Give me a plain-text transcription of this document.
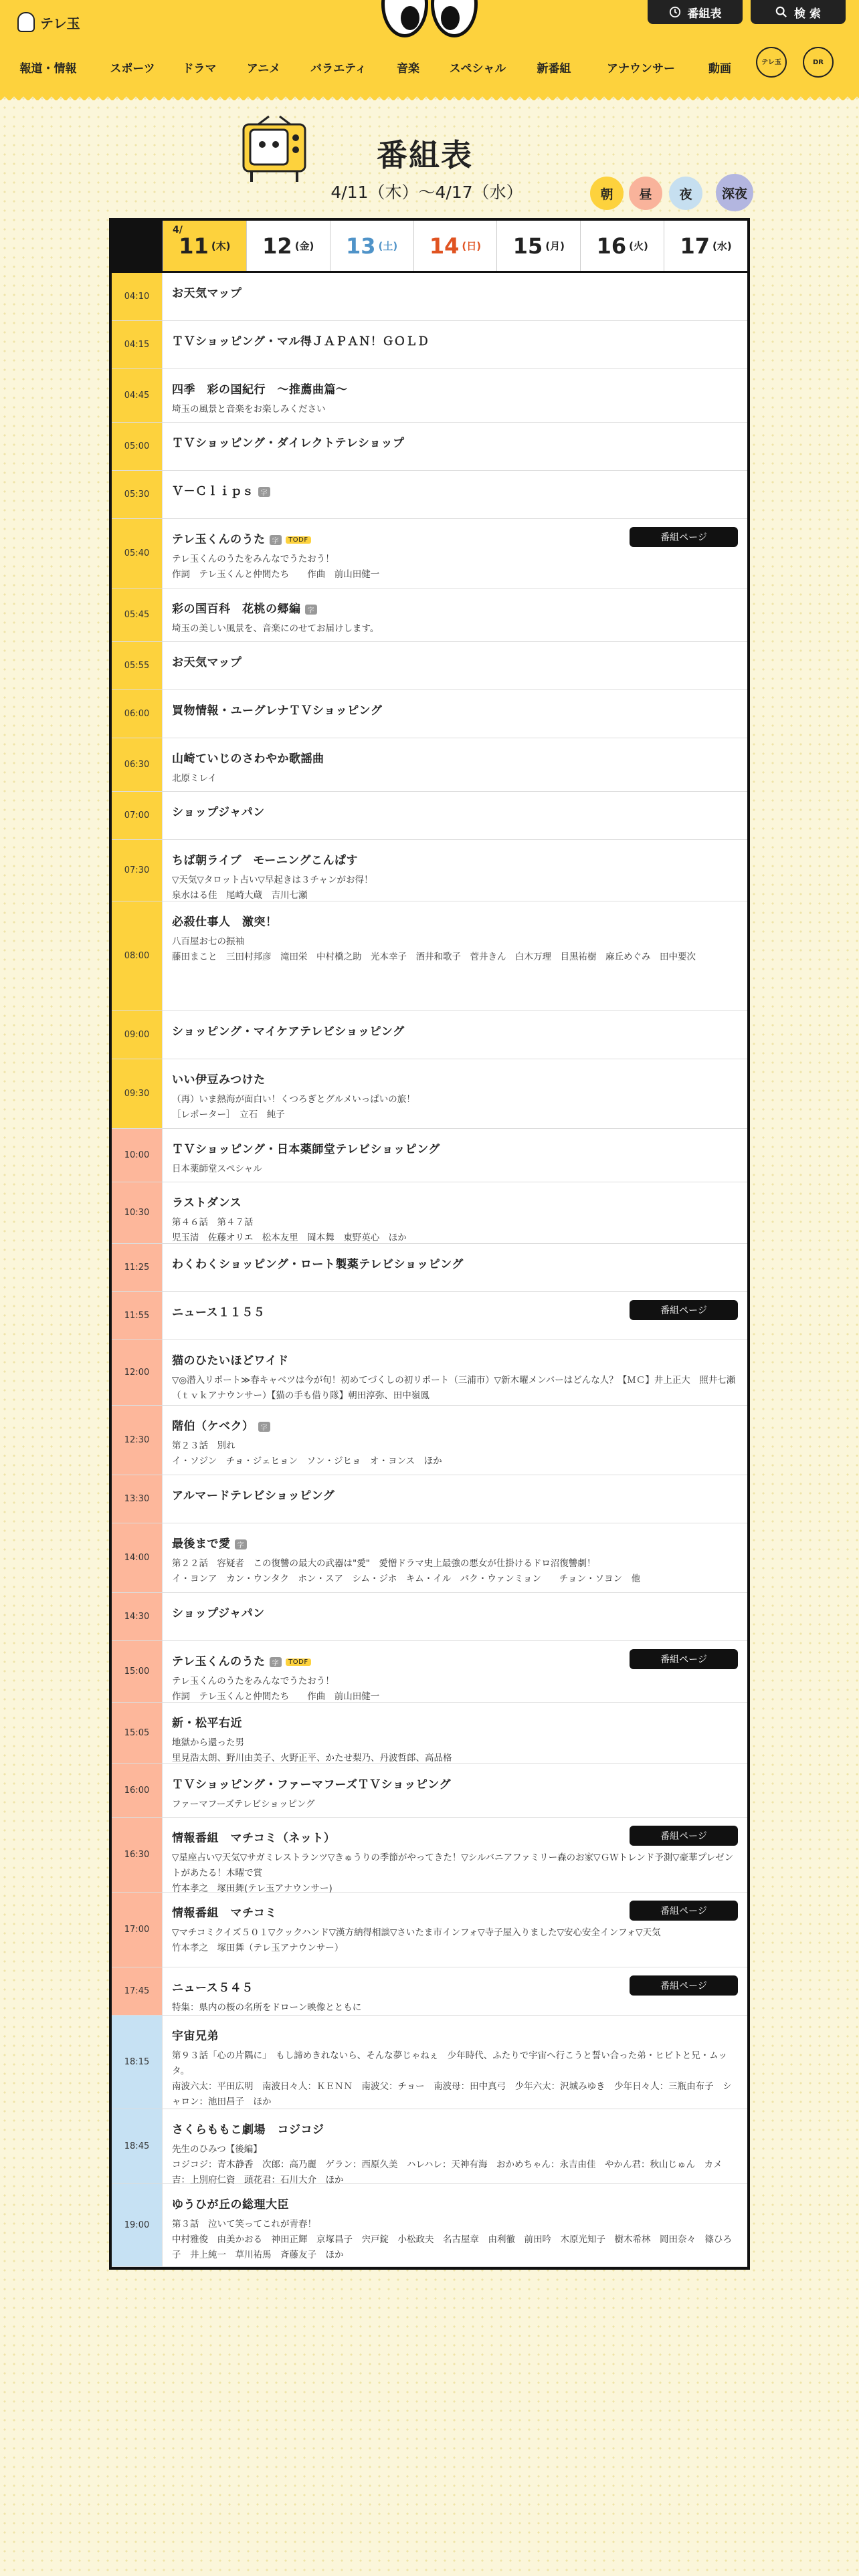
テレ玉
番組表	検 索
報道・情報	スポーツ ドラマ	アニメ	バラエティ	音楽	スペシャル	新番組	アナウンサー	動画	テレ玉	DR
番組表
4/11（木）～4/17（水）	朝	昼	夜	深夜
4/
11 (木) 12 (金) 13 (土) 14 (日) 15 (月) 16 (火) 17 (水)
04:10	お天気マップ
04:15	ＴＶショッピング・マル得ＪＡＰＡＮ！ＧＯＬＤ
04:45	四季　彩の国紀行　～推薦曲篇～
埼玉の風景と音楽をお楽しみください
05:00	ＴＶショッピング・ダイレクトテレショップ
05:30	Ｖ－Ｃｌｉｐｓ 字
05:40
テレ玉くんのうた 字 TODF
テレ玉くんのうたをみんなでうたおう！
作詞　テレ玉くんと仲間たち　　作曲　前山田健一
番組ページ
05:45	彩の国百科　花桃の郷編 字
埼玉の美しい風景を、音楽にのせてお届けします。
05:55	お天気マップ
06:00	買物情報・ユーグレナＴＶショッピング
06:30	山崎ていじのさわやか歌謡曲
北原ミレイ
07:00	ショップジャパン
07:30
ちば朝ライブ　モーニングこんぱす
▽天気▽タロット占い▽早起きは３チャンがお得！
泉水はる佳　尾崎大蔵　吉川七瀬
08:00
必殺仕事人　激突！
八百屋お七の振袖
藤田まこと　三田村邦彦　滝田栄　中村橋之助　光本幸子　酒井和歌子　菅井きん　白木万理　目黒祐樹　麻丘めぐみ　田中要次
09:00	ショッピング・マイケアテレビショッピング
09:30
いい伊豆みつけた
（再）いま熱海が面白い！くつろぎとグルメいっぱいの旅！
［レポーター］　立石　純子
10:00	ＴＶショッピング・日本薬師堂テレビショッピング
日本薬師堂スペシャル
10:30
ラストダンス
第４６話　第４７話
児玉清　佐藤オリエ　松本友里　岡本舞　東野英心　ほか
11:25	わくわくショッピング・ロート製薬テレビショッピング
11:55	ニュース１１５５	番組ページ
12:00
猫のひたいほどワイド
▽◎潜入リポート≫春キャベツは今が旬！初めてづくしの初リポート（三浦市）▽新木曜メンバーはどんな人？【ＭＣ】井上正大　照井七瀬（ｔｖｋアナウンサー）【猫の手も借り隊】朝田淳弥、田中嶺鳳
12:30
階伯（ケベク） 字
第２３話　別れ
イ・ソジン　チョ・ジェヒョン　ソン・ジヒョ　オ・ヨンス　ほか
13:30	アルマードテレビショッピング
14:00
最後まで愛 字
第２２話　容疑者　この復讐の最大の武器は"愛"　愛憎ドラマ史上最強の悪女が仕掛けるドロ沼復讐劇！
イ・ヨンア　カン・ウンタク　ホン・スア　シム・ジホ　キム・イル　パク・ウァンミョン　　チョン・ソヨン　他
14:30	ショップジャパン
15:00
テレ玉くんのうた 字 TODF
テレ玉くんのうたをみんなでうたおう！
作詞　テレ玉くんと仲間たち　　作曲　前山田健一
番組ページ
15:05
新・松平右近
地獄から還った男
里見浩太朗、野川由美子、火野正平、かたせ梨乃、丹波哲郎、高品格
16:00	ＴＶショッピング・ファーマフーズＴＶショッピング
ファーマフーズテレビショッピング
16:30
情報番組　マチコミ（ネット）
▽星座占い▽天気▽サガミレストランツ▽きゅうりの季節がやってきた！▽シルバニアファミリー森のお家▽ＧＷトレンド予測▽豪華プレゼントがあたる！木曜で賞
竹本孝之　塚田舞(テレ玉アナウンサー)
番組ページ
17:00
情報番組　マチコミ
▽マチコミクイズ５０１▽クックハンド▽漢方納得相談▽さいたま市インフォ▽寺子屋入りました▽安心安全インフォ▽天気
竹本孝之　塚田舞（テレ玉アナウンサー）
番組ページ
17:45	ニュース５４５
特集：県内の桜の名所をドローン映像とともに
番組ページ
18:15
宇宙兄弟
第９３話「心の片隅に」　もし諦めきれないら、そんな夢じゃねぇ　少年時代、ふたりで宇宙へ行こうと誓い合った弟・ヒビトと兄・ムッタ。
南波六太：平田広明　南波日々人：ＫＥＮＮ　南波父：チョー　南波母：田中真弓　少年六太：沢城みゆき　少年日々人：三瓶由布子　シャロン：池田昌子　ほか
18:45
さくらももこ劇場　コジコジ
先生のひみつ【後編】
コジコジ：青木静香　次郎：高乃麗　ゲラン：西原久美　ハレハレ：天神有海　おかめちゃん：永吉由佳　やかん君：秋山じゅん　カメ吉：上別府仁資　頭花君：石川大介　ほか
19:00
ゆうひが丘の総理大臣
第３話　泣いて笑ってこれが青春！
中村雅俊　由美かおる　神田正輝　京塚昌子　宍戸錠　小松政夫　名古屋章　由利徹　前田吟　木原光知子　樹木希林　岡田奈々　篠ひろ子　井上純一　草川祐馬　斉藤友子　ほか
